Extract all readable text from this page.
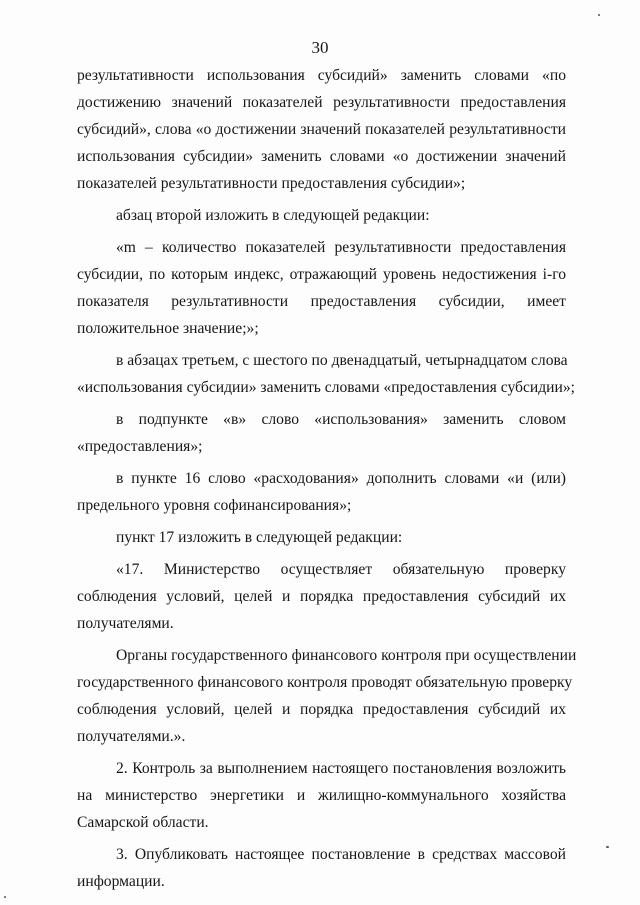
30
результативности использования субсидий» заменить словами «по
достижению значений показателей результативности предоставления
субсидий», слова «о достижении значений показателей результативности
использования субсидии» заменить словами «о достижении значений
показателей результативности предоставления субсидии»;
абзац второй изложить в следующей редакции:
«m – количество показателей результативности предоставления
субсидии, по которым индекс, отражающий уровень недостижения i-го
показателя результативности предоставления субсидии, имеет
положительное значение;»;
в абзацах третьем, с шестого по двенадцатый, четырнадцатом слова
«использования субсидии» заменить словами «предоставления субсидии»;
в подпункте «в» слово «использования» заменить словом
«предоставления»;
в пункте 16 слово «расходования» дополнить словами «и (или)
предельного уровня софинансирования»;
пункт 17 изложить в следующей редакции:
«17. Министерство осуществляет обязательную проверку
соблюдения условий, целей и порядка предоставления субсидий их
получателями.
Органы государственного финансового контроля при осуществлении
государственного финансового контроля проводят обязательную проверку
соблюдения условий, целей и порядка предоставления субсидий их
получателями.».
2. Контроль за выполнением настоящего постановления возложить
на министерство энергетики и жилищно-коммунального хозяйства
Самарской области.
3. Опубликовать настоящее постановление в средствах массовой
информации.
